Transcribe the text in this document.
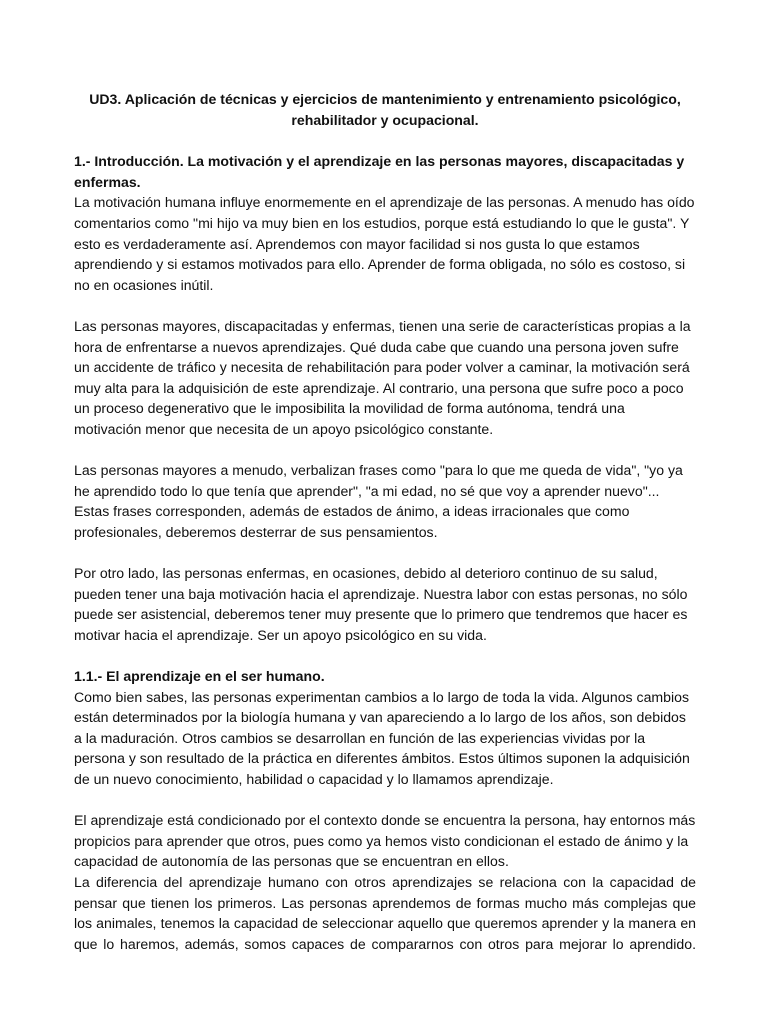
UD3. Aplicación de técnicas y ejercicios de mantenimiento y entrenamiento psicológico,
rehabilitador y ocupacional.

1.- Introducción. La motivación y el aprendizaje en las personas mayores, discapacitadas y enfermas.

La motivación humana influye enormemente en el aprendizaje de las personas. A menudo has oído comentarios como "mi hijo va muy bien en los estudios, porque está estudiando lo que le gusta". Y esto es verdaderamente así. Aprendemos con mayor facilidad si nos gusta lo que estamos aprendiendo y si estamos motivados para ello. Aprender de forma obligada, no sólo es costoso, si no en ocasiones inútil.

Las personas mayores, discapacitadas y enfermas, tienen una serie de características propias a la hora de enfrentarse a nuevos aprendizajes. Qué duda cabe que cuando una persona joven sufre un accidente de tráfico y necesita de rehabilitación para poder volver a caminar, la motivación será muy alta para la adquisición de este aprendizaje. Al contrario, una persona que sufre poco a poco un proceso degenerativo que le imposibilita la movilidad de forma autónoma, tendrá una motivación menor que necesita de un apoyo psicológico constante.

Las personas mayores a menudo, verbalizan frases como "para lo que me queda de vida", "yo ya he aprendido todo lo que tenía que aprender", "a mi edad, no sé que voy a aprender nuevo"... Estas frases corresponden, además de estados de ánimo, a ideas irracionales que como profesionales, deberemos desterrar de sus pensamientos.

Por otro lado, las personas enfermas, en ocasiones, debido al deterioro continuo de su salud, pueden tener una baja motivación hacia el aprendizaje. Nuestra labor con estas personas, no sólo puede ser asistencial, deberemos tener muy presente que lo primero que tendremos que hacer es motivar hacia el aprendizaje. Ser un apoyo psicológico en su vida.

1.1.- El aprendizaje en el ser humano.

Como bien sabes, las personas experimentan cambios a lo largo de toda la vida. Algunos cambios están determinados por la biología humana y van apareciendo a lo largo de los años, son debidos a la maduración. Otros cambios se desarrollan en función de las experiencias vividas por la persona y son resultado de la práctica en diferentes ámbitos. Estos últimos suponen la adquisición de un nuevo conocimiento, habilidad o capacidad y lo llamamos aprendizaje.

El aprendizaje está condicionado por el contexto donde se encuentra la persona, hay entornos más propicios para aprender que otros, pues como ya hemos visto condicionan el estado de ánimo y la capacidad de autonomía de las personas que se encuentran en ellos.

La diferencia del aprendizaje humano con otros aprendizajes se relaciona con la capacidad de pensar que tienen los primeros. Las personas aprendemos de formas mucho más complejas que los animales, tenemos la capacidad de seleccionar aquello que queremos aprender y la manera en que lo haremos, además, somos capaces de compararnos con otros para mejorar lo aprendido.
